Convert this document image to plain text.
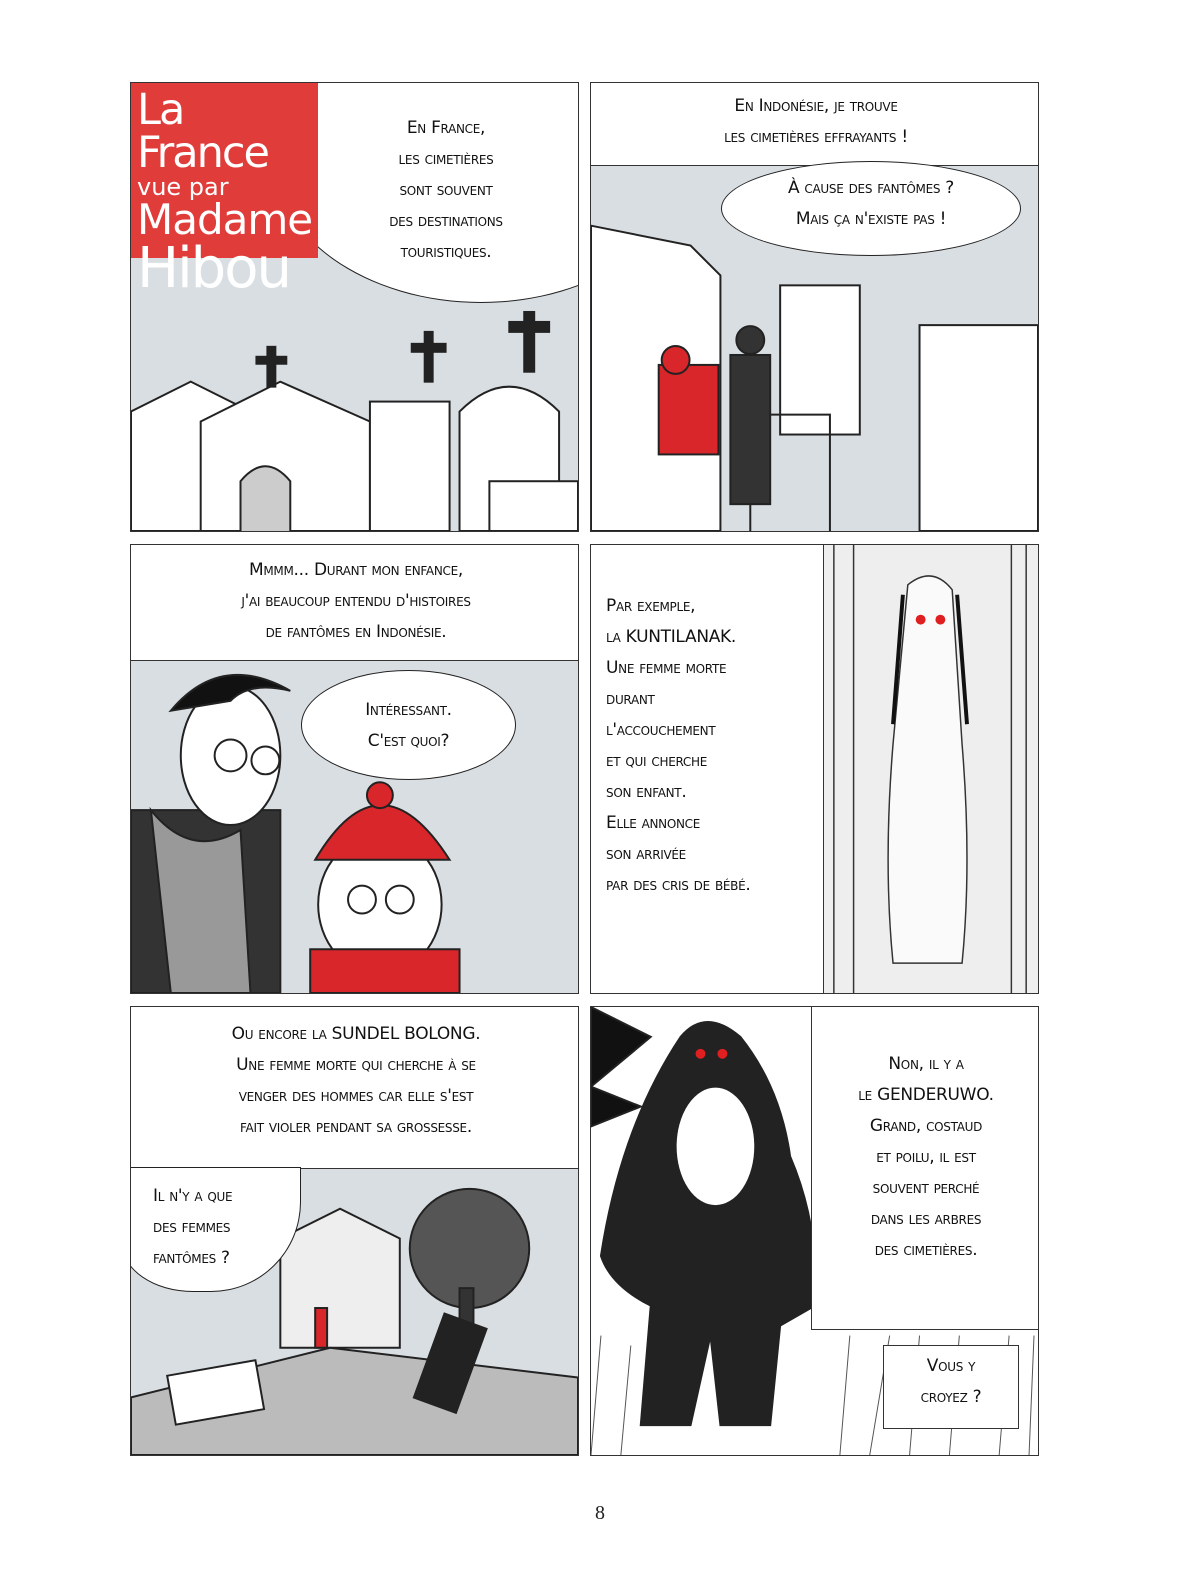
La France
vue par
Madame
Hibou
En France,
les cimetières
sont souvent
des destinations
touristiques.
En Indonésie, je trouve
les cimetières effrayants !
À cause des fantômes ?
Mais ça n'existe pas !
Mmmm... Durant mon enfance,
j'ai beaucoup entendu d'histoires
de fantômes en Indonésie.
Intéressant.
C'est quoi?
Par exemple,
la KUNTILANAK.
Une femme morte
durant
l'accouchement
et qui cherche
son enfant.
Elle annonce
son arrivée
par des cris de bébé.
Ou encore la SUNDEL BOLONG.
Une femme morte qui cherche à se
venger des hommes car elle s'est
fait violer pendant sa grossesse.
Il n'y a que
des femmes
fantômes ?
Non, il y a
le GENDERUWO.
Grand, costaud
et poilu, il est
souvent perché
dans les arbres
des cimetières.
Vous y
croyez ?
8
